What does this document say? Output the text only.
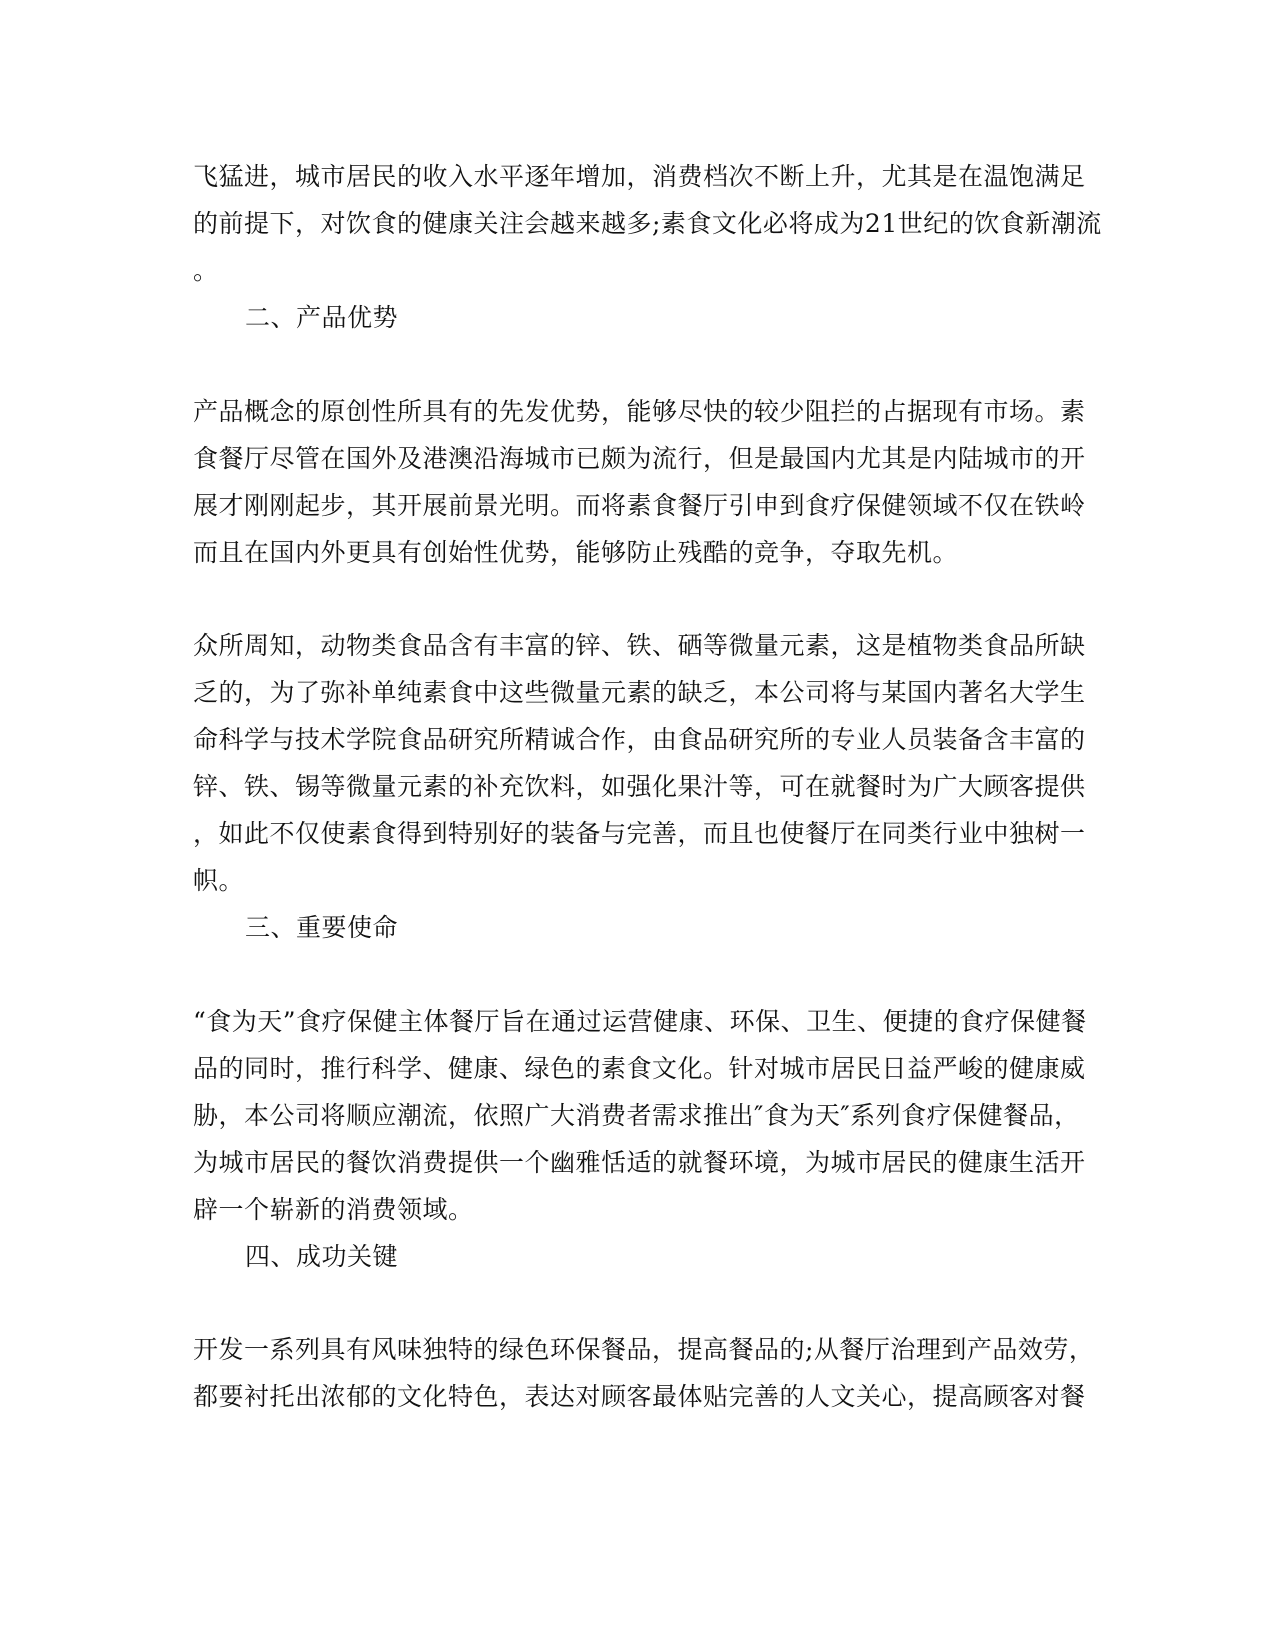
飞猛进，城市居民的收入水平逐年增加，消费档次不断上升，尤其是在温饱满足
的前提下，对饮食的健康关注会越来越多;素食文化必将成为21世纪的饮食新潮流
。
二、产品优势
产品概念的原创性所具有的先发优势，能够尽快的较少阻拦的占据现有市场。素
食餐厅尽管在国外及港澳沿海城市已颇为流行，但是最国内尤其是内陆城市的开
展才刚刚起步，其开展前景光明。而将素食餐厅引申到食疗保健领域不仅在铁岭
而且在国内外更具有创始性优势，能够防止残酷的竞争，夺取先机。
众所周知，动物类食品含有丰富的锌、铁、硒等微量元素，这是植物类食品所缺
乏的，为了弥补单纯素食中这些微量元素的缺乏，本公司将与某国内著名大学生
命科学与技术学院食品研究所精诚合作，由食品研究所的专业人员装备含丰富的
锌、铁、锡等微量元素的补充饮料，如强化果汁等，可在就餐时为广大顾客提供
，如此不仅使素食得到特别好的装备与完善，而且也使餐厅在同类行业中独树一
帜。
三、重要使命
“食为天”食疗保健主体餐厅旨在通过运营健康、环保、卫生、便捷的食疗保健餐
品的同时，推行科学、健康、绿色的素食文化。针对城市居民日益严峻的健康威
胁，本公司将顺应潮流，依照广大消费者需求推出″食为天″系列食疗保健餐品，
为城市居民的餐饮消费提供一个幽雅恬适的就餐环境，为城市居民的健康生活开
辟一个崭新的消费领域。
四、成功关键
开发一系列具有风味独特的绿色环保餐品，提高餐品的;从餐厅治理到产品效劳，
都要衬托出浓郁的文化特色，表达对顾客最体贴完善的人文关心，提高顾客对餐
